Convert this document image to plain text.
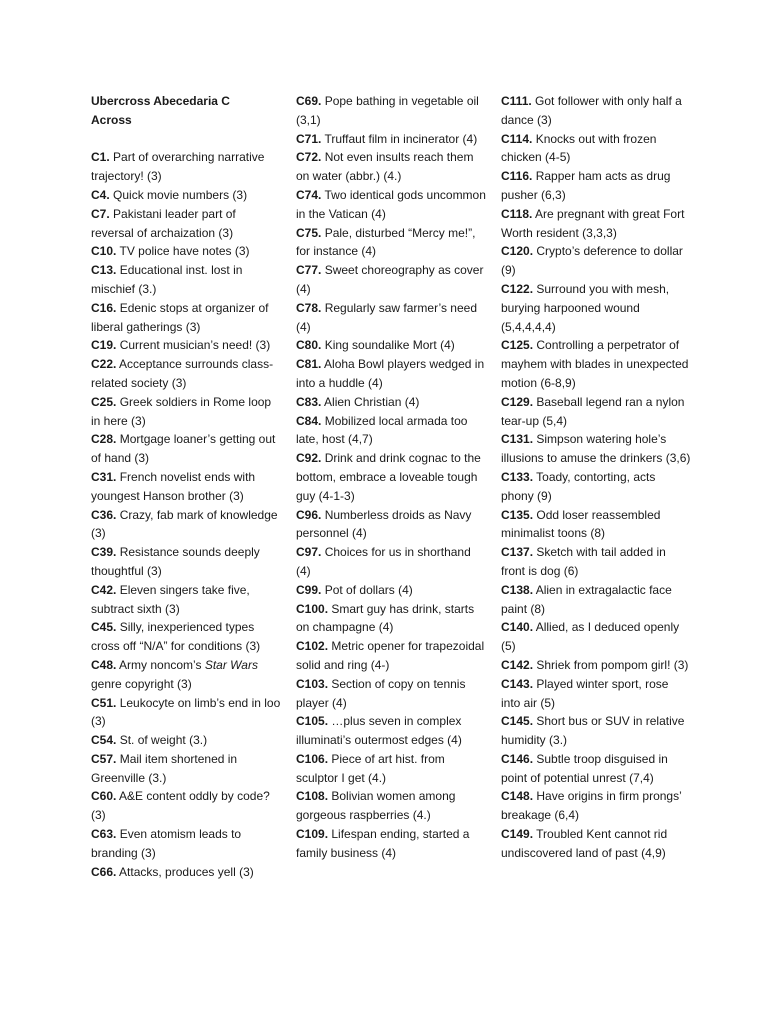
Ubercross Abecedaria C
Across

C1. Part of overarching narrative trajectory! (3)

C4. Quick movie numbers (3)

C7. Pakistani leader part of reversal of archaization (3)

C10. TV police have notes (3)

C13. Educational inst. lost in mischief (3.)

C16. Edenic stops at organizer of liberal gatherings (3)

C19. Current musician’s need! (3)

C22. Acceptance surrounds class-related society (3)

C25. Greek soldiers in Rome loop in here (3)

C28. Mortgage loaner’s getting out of hand (3)

C31. French novelist ends with youngest Hanson brother (3)

C36. Crazy, fab mark of knowledge (3)

C39. Resistance sounds deeply thoughtful (3)

C42. Eleven singers take five, subtract sixth (3)

C45. Silly, inexperienced types cross off “N/A” for conditions (3)

C48. Army noncom’s Star Wars genre copyright (3)

C51. Leukocyte on limb’s end in loo (3)

C54. St. of weight (3.)

C57. Mail item shortened in Greenville (3.)

C60. A&E content oddly by code? (3)

C63. Even atomism leads to branding (3)

C66. Attacks, produces yell (3)

C69. Pope bathing in vegetable oil (3,1)

C71. Truffaut film in incinerator (4)

C72. Not even insults reach them on water (abbr.) (4.)

C74. Two identical gods uncommon in the Vatican (4)

C75. Pale, disturbed “Mercy me!”, for instance (4)

C77. Sweet choreography as cover (4)

C78. Regularly saw farmer’s need (4)

C80. King soundalike Mort (4)

C81. Aloha Bowl players wedged in into a huddle (4)

C83. Alien Christian (4)

C84. Mobilized local armada too late, host (4,7)

C92. Drink and drink cognac to the bottom, embrace a loveable tough guy (4-1-3)

C96. Numberless droids as Navy personnel (4)

C97. Choices for us in shorthand (4)

C99. Pot of dollars (4)

C100. Smart guy has drink, starts on champagne (4)

C102. Metric opener for trapezoidal solid and ring (4-)

C103. Section of copy on tennis player (4)

C105. …plus seven in complex illuminati’s outermost edges (4)

C106. Piece of art hist. from sculptor I get (4.)

C108. Bolivian women among gorgeous raspberries (4.)

C109. Lifespan ending, started a family business (4)

C111. Got follower with only half a dance (3)

C114. Knocks out with frozen chicken (4-5)

C116. Rapper ham acts as drug pusher (6,3)

C118. Are pregnant with great Fort Worth resident (3,3,3)

C120. Crypto’s deference to dollar (9)

C122. Surround you with mesh, burying harpooned wound (5,4,4,4,4)

C125. Controlling a perpetrator of mayhem with blades in unexpected motion (6-8,9)

C129. Baseball legend ran a nylon tear-up (5,4)

C131. Simpson watering hole’s illusions to amuse the drinkers (3,6)

C133. Toady, contorting, acts phony (9)

C135. Odd loser reassembled minimalist toons (8)

C137. Sketch with tail added in front is dog (6)

C138. Alien in extragalactic face paint (8)

C140. Allied, as I deduced openly (5)

C142. Shriek from pompom girl! (3)

C143. Played winter sport, rose into air (5)

C145. Short bus or SUV in relative humidity (3.)

C146. Subtle troop disguised in point of potential unrest (7,4)

C148. Have origins in firm prongs’ breakage (6,4)

C149. Troubled Kent cannot rid undiscovered land of past (4,9)
